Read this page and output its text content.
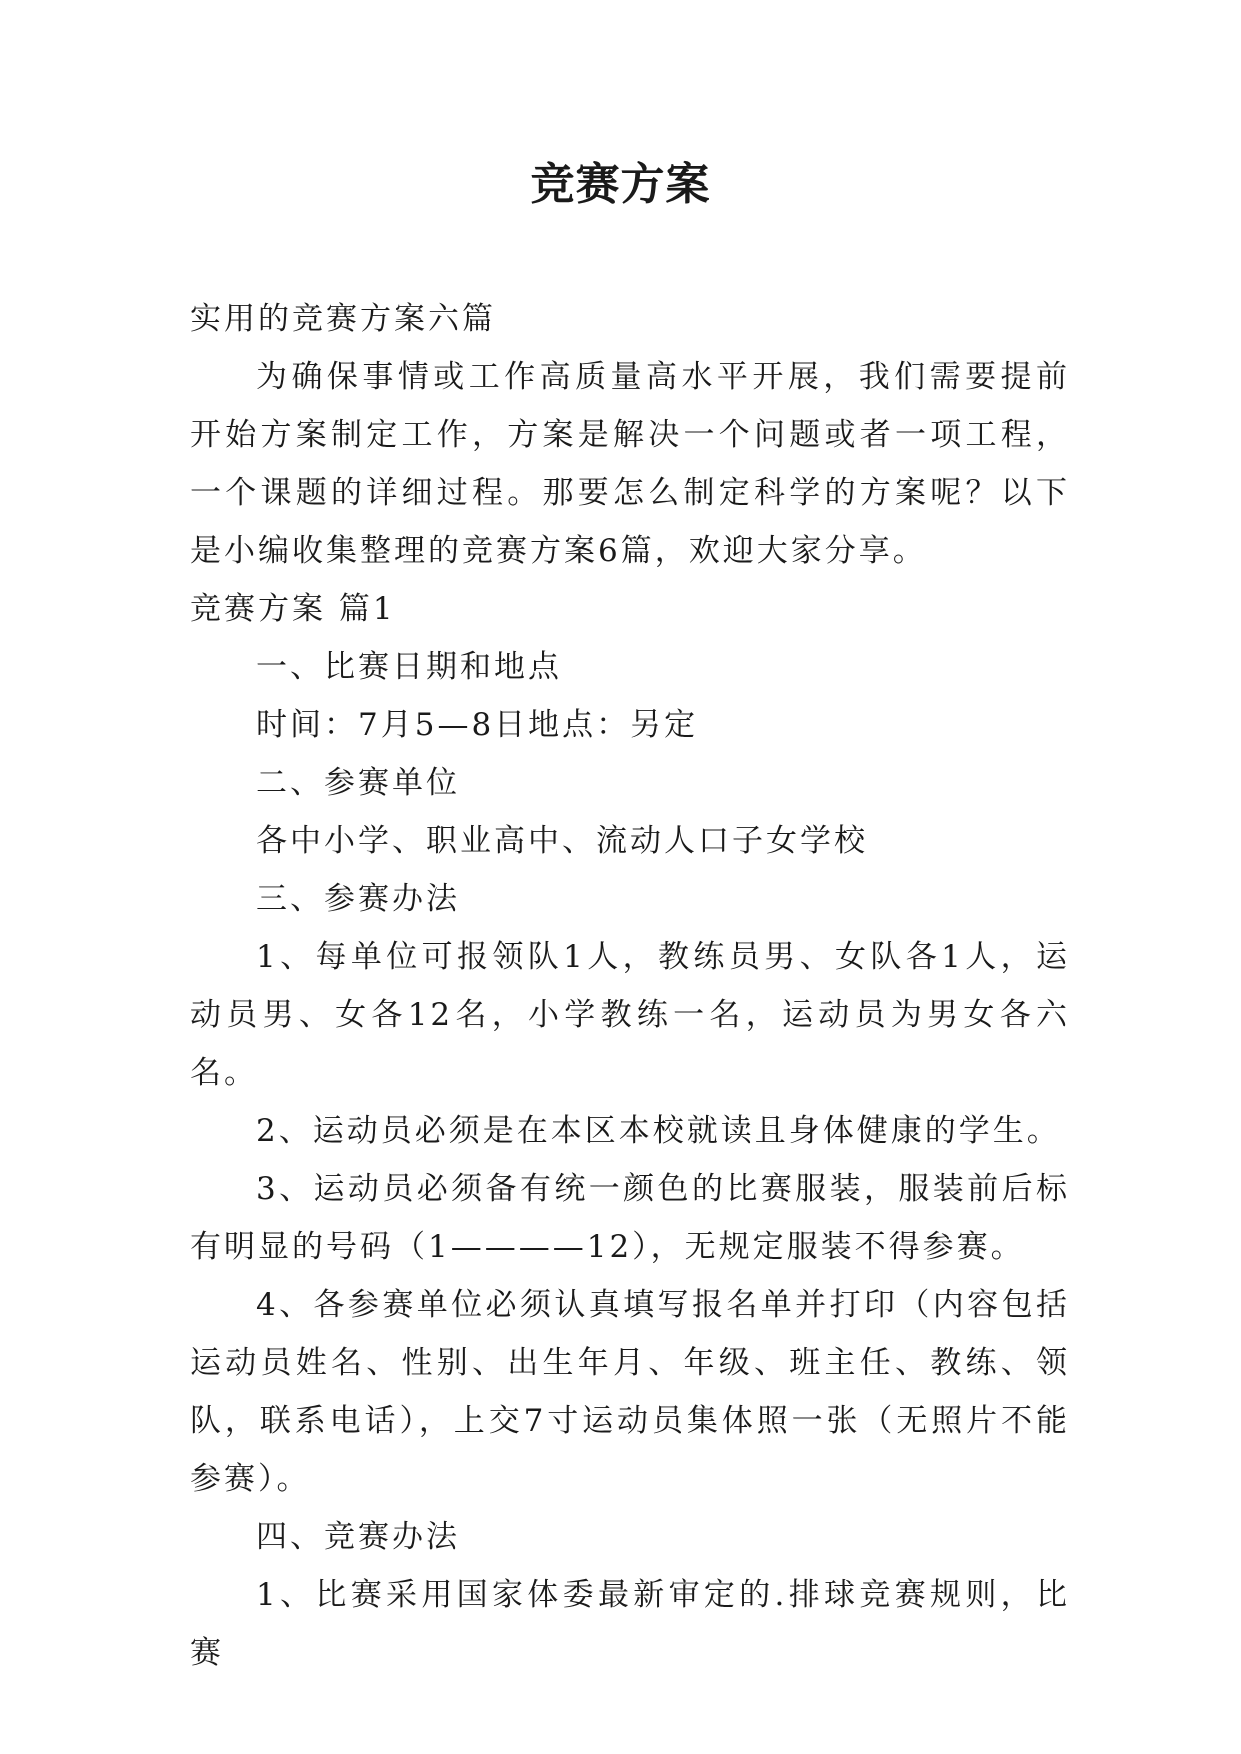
竞赛方案

实用的竞赛方案六篇

为确保事情或工作高质量高水平开展，我们需要提前开始方案制定工作，方案是解决一个问题或者一项工程，一个课题的详细过程。那要怎么制定科学的方案呢？以下是小编收集整理的竞赛方案6篇，欢迎大家分享。

竞赛方案 篇1

一、比赛日期和地点

时间：7月5—8日地点：另定

二、参赛单位

各中小学、职业高中、流动人口子女学校

三、参赛办法

1、每单位可报领队1人，教练员男、女队各1人，运动员男、女各12名，小学教练一名，运动员为男女各六名。

2、运动员必须是在本区本校就读且身体健康的学生。

3、运动员必须备有统一颜色的比赛服装，服装前后标有明显的号码（1————12），无规定服装不得参赛。

4、各参赛单位必须认真填写报名单并打印（内容包括运动员姓名、性别、出生年月、年级、班主任、教练、领队，联系电话），上交7寸运动员集体照一张（无照片不能参赛）。

四、竞赛办法

1、比赛采用国家体委最新审定的.排球竞赛规则，比赛
